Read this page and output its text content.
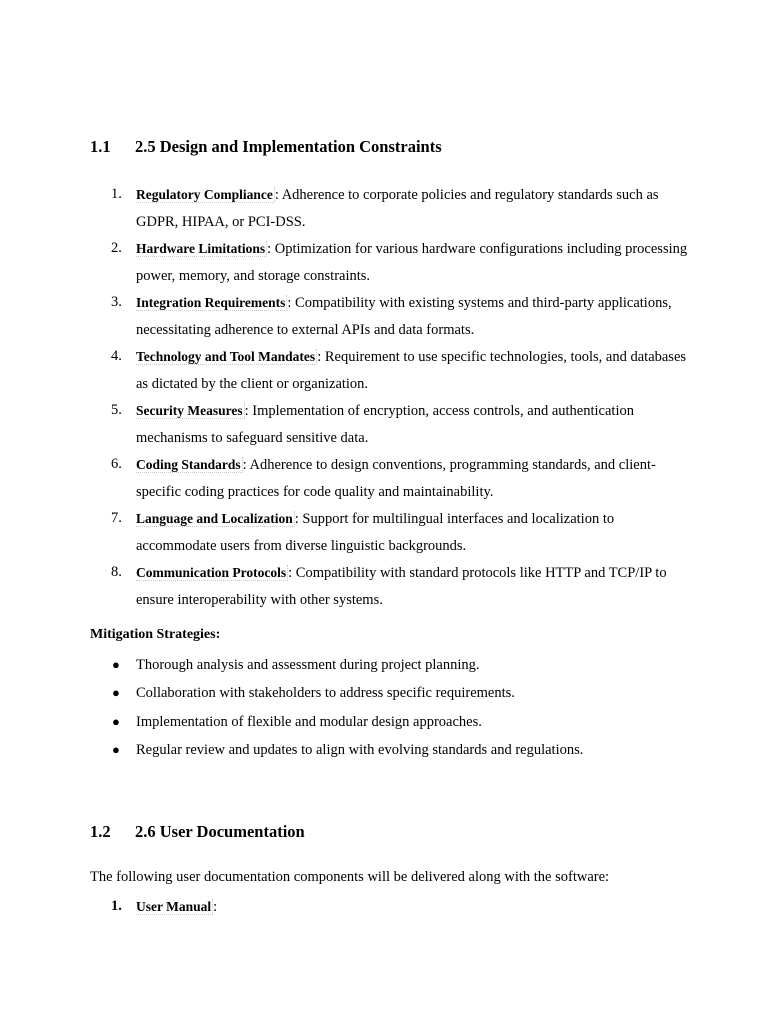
1.1 2.5 Design and Implementation Constraints
1. Regulatory Compliance : Adherence to corporate policies and regulatory standards such as GDPR, HIPAA, or PCI-DSS.
2. Hardware Limitations : Optimization for various hardware configurations including processing power, memory, and storage constraints.
3. Integration Requirements : Compatibility with existing systems and third-party applications, necessitating adherence to external APIs and data formats.
4. Technology and Tool Mandates : Requirement to use specific technologies, tools, and databases as dictated by the client or organization.
5. Security Measures : Implementation of encryption, access controls, and authentication mechanisms to safeguard sensitive data.
6. Coding Standards : Adherence to design conventions, programming standards, and client-specific coding practices for code quality and maintainability.
7. Language and Localization : Support for multilingual interfaces and localization to accommodate users from diverse linguistic backgrounds.
8. Communication Protocols : Compatibility with standard protocols like HTTP and TCP/IP to ensure interoperability with other systems.
Mitigation Strategies:
● Thorough analysis and assessment during project planning.
● Collaboration with stakeholders to address specific requirements.
● Implementation of flexible and modular design approaches.
● Regular review and updates to align with evolving standards and regulations.
1.2 2.6 User Documentation
The following user documentation components will be delivered along with the software:
1. User Manual :
